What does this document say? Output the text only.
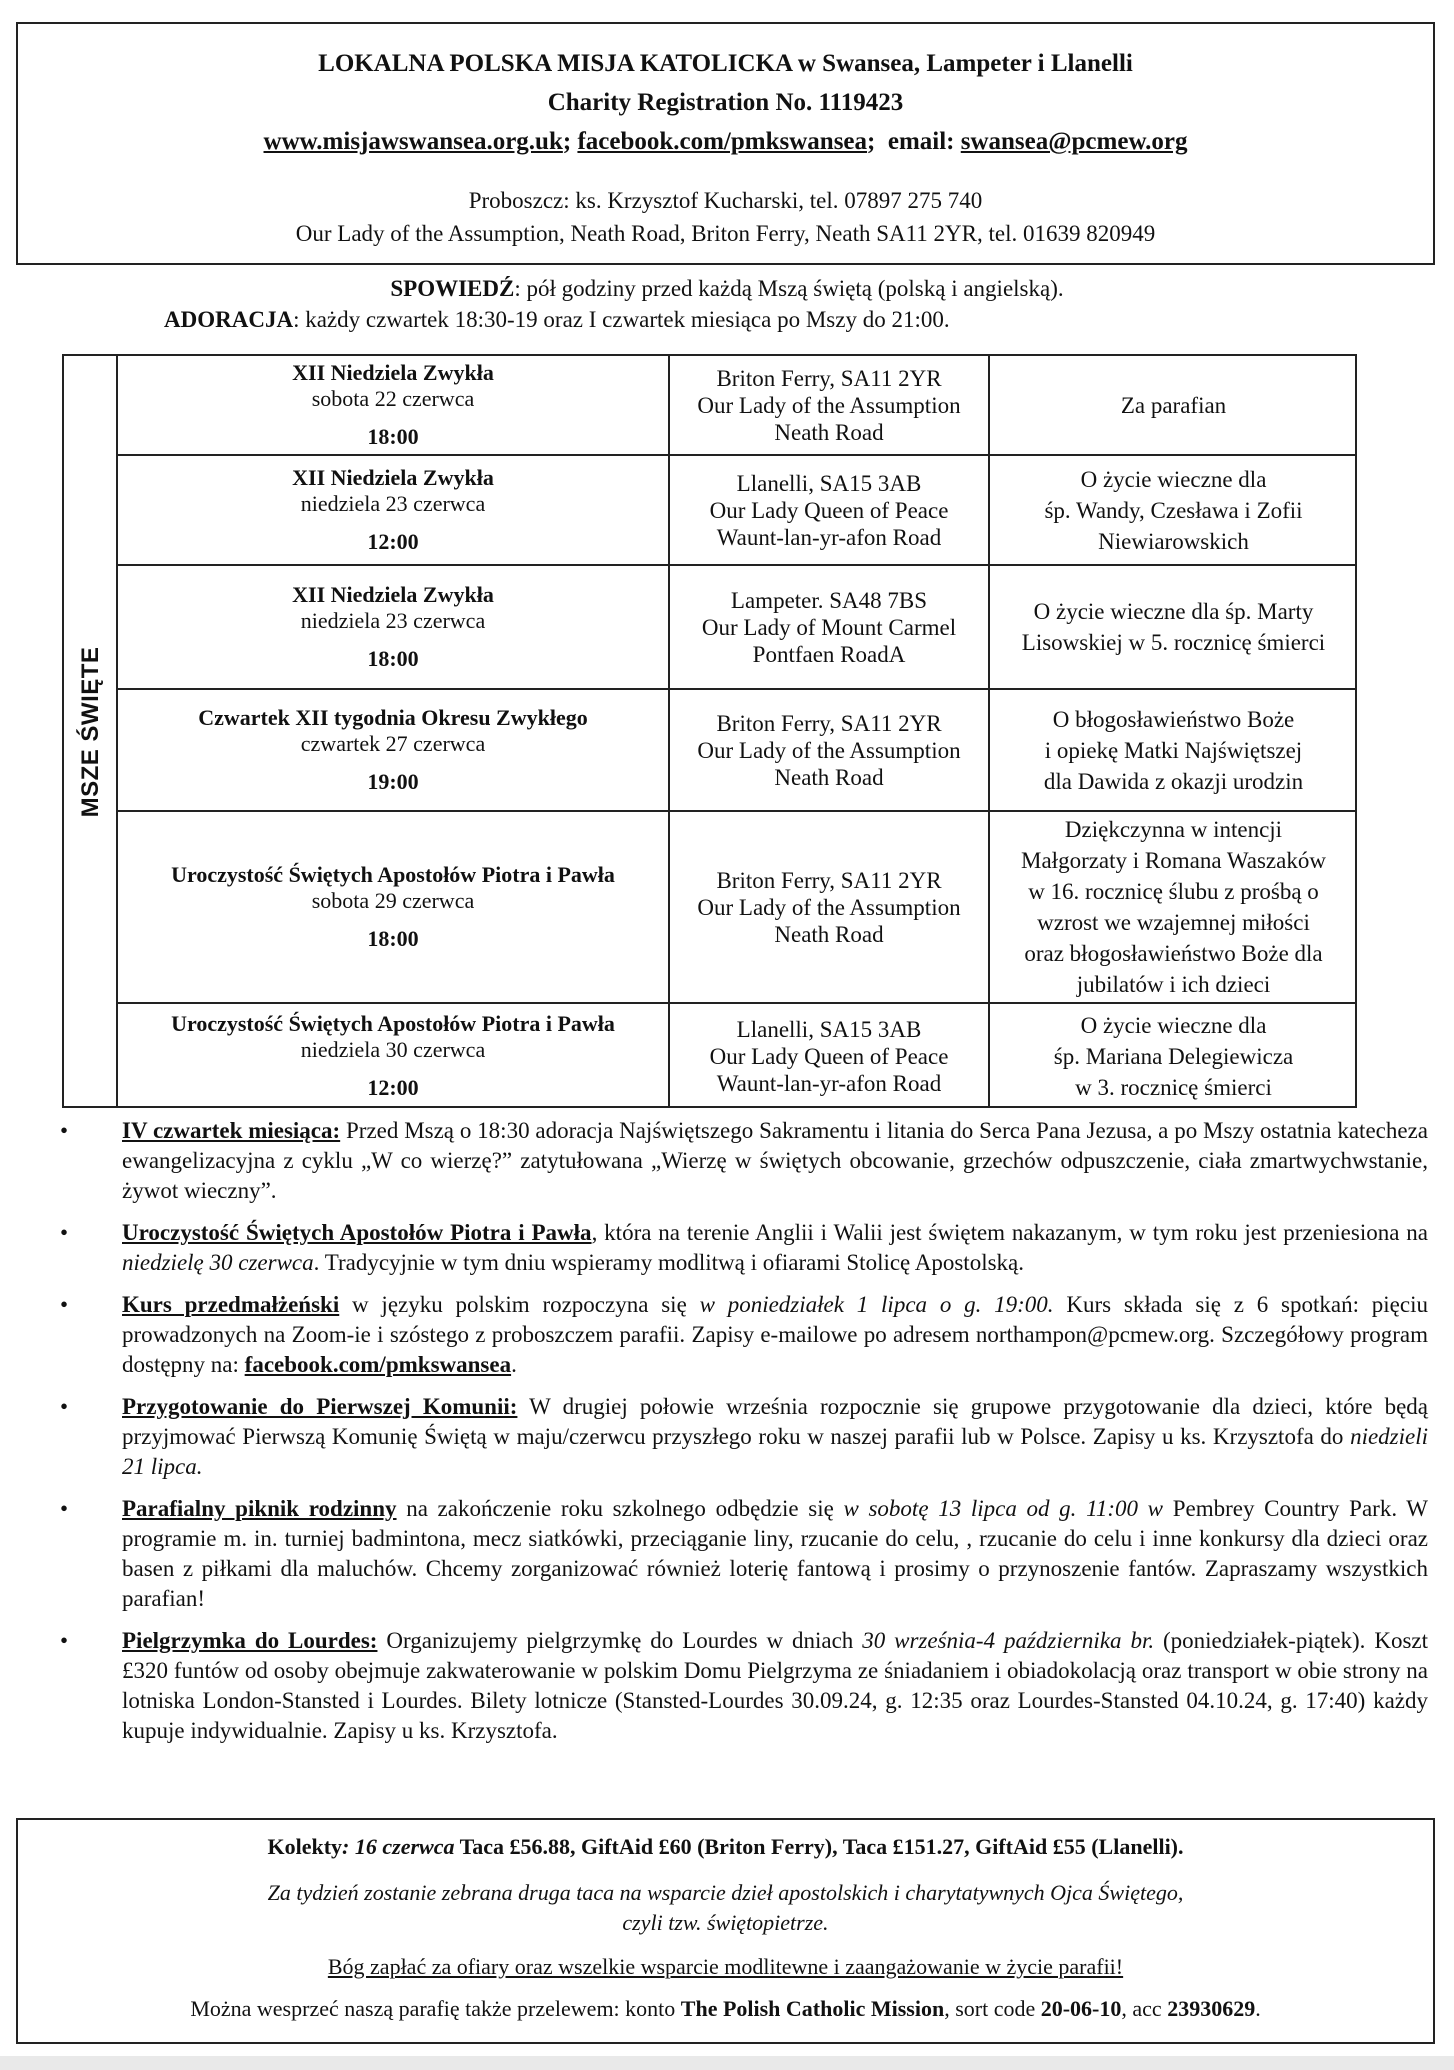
LOKALNA POLSKA MISJA KATOLICKA w Swansea, Lampeter i Llanelli
Charity Registration No. 1119423
www.misjawswansea.org.uk; facebook.com/pmkswansea; email: swansea@pcmew.org
Proboszcz: ks. Krzysztof Kucharski, tel. 07897 275 740
Our Lady of the Assumption, Neath Road, Briton Ferry, Neath SA11 2YR, tel. 01639 820949
SPOWIEDŹ: pół godziny przed każdą Mszą świętą (polską i angielską).
ADORACJA: każdy czwartek 18:30-19 oraz I czwartek miesiąca po Mszy do 21:00.
MSZE ŚWIĘTE
XII Niedziela Zwykła
sobota 22 czerwca
18:00
Briton Ferry, SA11 2YR
Our Lady of the Assumption
Neath Road
Za parafian
XII Niedziela Zwykła
niedziela 23 czerwca
12:00
Llanelli, SA15 3AB
Our Lady Queen of Peace
Waunt-lan-yr-afon Road
O życie wieczne dla
śp. Wandy, Czesława i Zofii
Niewiarowskich
XII Niedziela Zwykła
niedziela 23 czerwca
18:00
Lampeter. SA48 7BS
Our Lady of Mount Carmel
Pontfaen RoadA
O życie wieczne dla śp. Marty
Lisowskiej w 5. rocznicę śmierci
Czwartek XII tygodnia Okresu Zwykłego
czwartek 27 czerwca
19:00
Briton Ferry, SA11 2YR
Our Lady of the Assumption
Neath Road
O błogosławieństwo Boże
i opiekę Matki Najświętszej
dla Dawida z okazji urodzin
Uroczystość Świętych Apostołów Piotra i Pawła
sobota 29 czerwca
18:00
Briton Ferry, SA11 2YR
Our Lady of the Assumption
Neath Road
Dziękczynna w intencji
Małgorzaty i Romana Waszaków
w 16. rocznicę ślubu z prośbą o
wzrost we wzajemnej miłości
oraz błogosławieństwo Boże dla
jubilatów i ich dzieci
Uroczystość Świętych Apostołów Piotra i Pawła
niedziela 30 czerwca
12:00
Llanelli, SA15 3AB
Our Lady Queen of Peace
Waunt-lan-yr-afon Road
O życie wieczne dla
śp. Mariana Delegiewicza
w 3. rocznicę śmierci
• IV czwartek miesiąca: Przed Mszą o 18:30 adoracja Najświętszego Sakramentu i litania do Serca Pana Jezusa, a po Mszy ostatnia katecheza ewangelizacyjna z cyklu „W co wierzę?” zatytułowana „Wierzę w świętych obcowanie, grzechów odpuszczenie, ciała zmartwychwstanie, żywot wieczny”.
• Uroczystość Świętych Apostołów Piotra i Pawła, która na terenie Anglii i Walii jest świętem nakazanym, w tym roku jest przeniesiona na niedzielę 30 czerwca. Tradycyjnie w tym dniu wspieramy modlitwą i ofiarami Stolicę Apostolską.
• Kurs przedmałżeński w języku polskim rozpoczyna się w poniedziałek 1 lipca o g. 19:00. Kurs składa się z 6 spotkań: pięciu prowadzonych na Zoom-ie i szóstego z proboszczem parafii. Zapisy e-mailowe po adresem northampon@pcmew.org. Szczegółowy program dostępny na: facebook.com/pmkswansea.
• Przygotowanie do Pierwszej Komunii: W drugiej połowie września rozpocznie się grupowe przygotowanie dla dzieci, które będą przyjmować Pierwszą Komunię Świętą w maju/czerwcu przyszłego roku w naszej parafii lub w Polsce. Zapisy u ks. Krzysztofa do niedzieli 21 lipca.
• Parafialny piknik rodzinny na zakończenie roku szkolnego odbędzie się w sobotę 13 lipca od g. 11:00 w Pembrey Country Park. W programie m. in. turniej badmintona, mecz siatkówki, przeciąganie liny, rzucanie do celu, , rzucanie do celu i inne konkursy dla dzieci oraz basen z piłkami dla maluchów. Chcemy zorganizować również loterię fantową i prosimy o przynoszenie fantów. Zapraszamy wszystkich parafian!
• Pielgrzymka do Lourdes: Organizujemy pielgrzymkę do Lourdes w dniach 30 września-4 października br. (poniedziałek-piątek). Koszt £320 funtów od osoby obejmuje zakwaterowanie w polskim Domu Pielgrzyma ze śniadaniem i obiadokolacją oraz transport w obie strony na lotniska London-Stansted i Lourdes. Bilety lotnicze (Stansted-Lourdes 30.09.24, g. 12:35 oraz Lourdes-Stansted 04.10.24, g. 17:40) każdy kupuje indywidualnie. Zapisy u ks. Krzysztofa.
Kolekty: 16 czerwca Taca £56.88, GiftAid £60 (Briton Ferry), Taca £151.27, GiftAid £55 (Llanelli).
Za tydzień zostanie zebrana druga taca na wsparcie dzieł apostolskich i charytatywnych Ojca Świętego,
czyli tzw. świętopietrze.
Bóg zapłać za ofiary oraz wszelkie wsparcie modlitewne i zaangażowanie w życie parafii!
Można wesprzeć naszą parafię także przelewem: konto The Polish Catholic Mission, sort code 20-06-10, acc 23930629.
